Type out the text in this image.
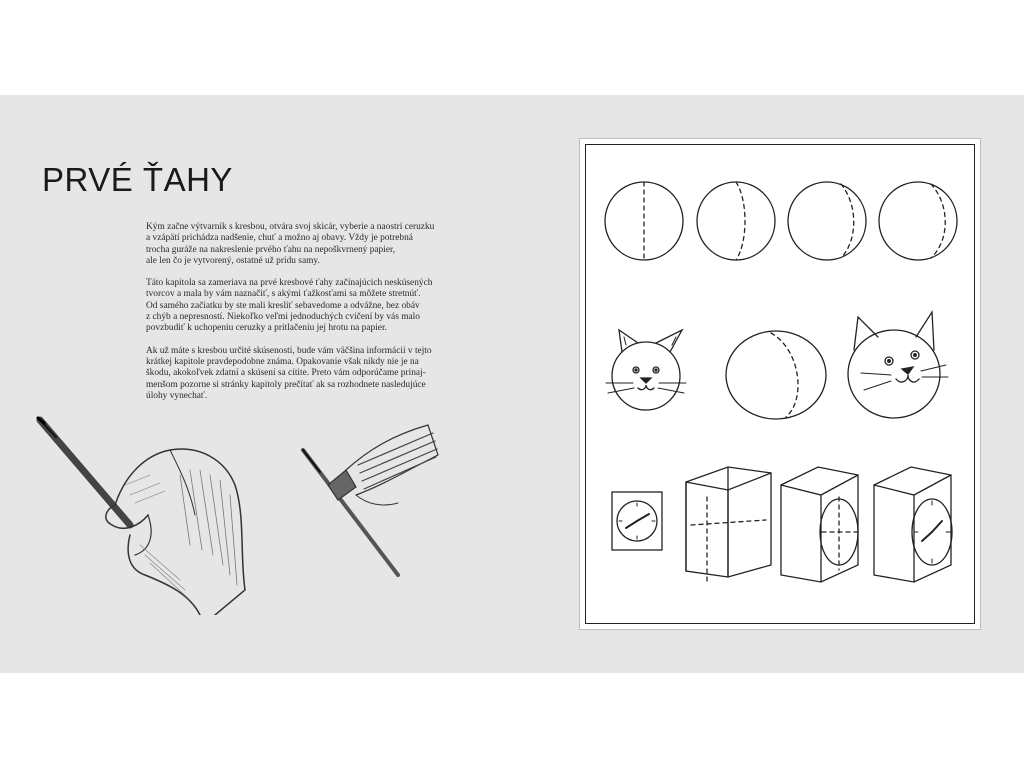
PRVÉ ŤAHY

Kým začne výtvarník s kresbou, otvára svoj skicár, vyberie a naostrí ceruzku
a vzápätí prichádza nadšenie, chuť a možno aj obavy. Vždy je potrebná
trocha guráže na nakreslenie prvého ťahu na nepoškvrnený papier,
ale len čo je vytvorený, ostatné už prídu samy.

Táto kapitola sa zameriava na prvé kresbové ťahy začínajúcich neskúsených
tvorcov a mala by vám naznačiť, s akými ťažkosťami sa môžete stretnúť.
Od samého začiatku by ste mali kresliť sebavedome a odvážne, bez obáv
z chýb a nepresností. Niekoľko veľmi jednoduchých cvičení by vás malo
povzbudiť k uchopeniu ceruzky a pritlačeniu jej hrotu na papier.

Ak už máte s kresbou určité skúsenosti, bude vám väčšina informácií v tejto
krátkej kapitole pravdepodobne známa. Opakovanie však nikdy nie je na
škodu, akokoľvek zdatní a skúsení sa cítite. Preto vám odporúčame prinaj-
menšom pozorne si stránky kapitoly prečítať ak sa rozhodnete nasledujúce
úlohy vynechať.
